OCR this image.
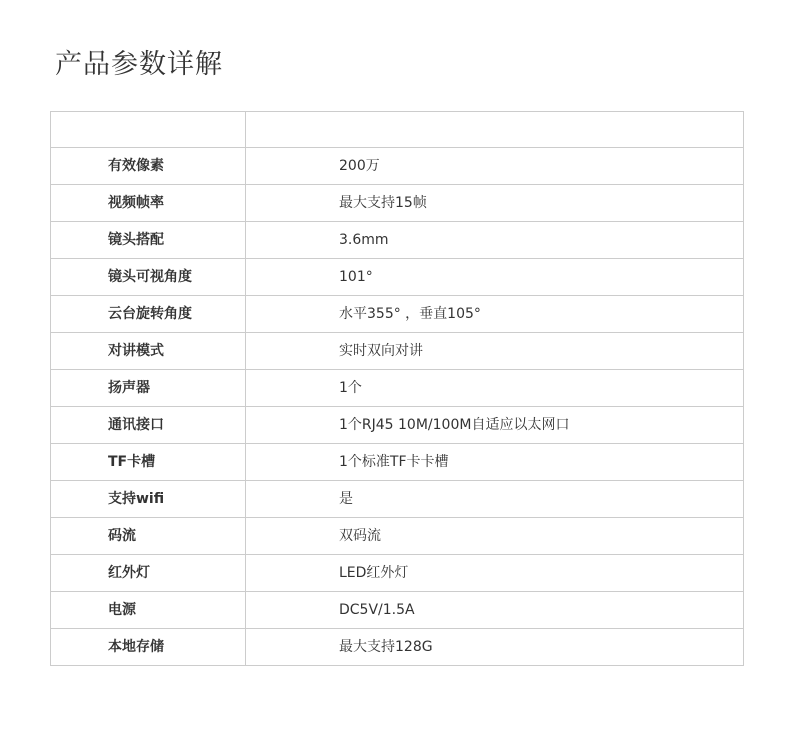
产品参数详解

有效像素	200万
视频帧率	最大支持15帧
镜头搭配	3.6mm
镜头可视角度	101°
云台旋转角度	水平355° ，垂直105°
对讲模式	实时双向对讲
扬声器	1个
通讯接口	1个RJ45 10M/100M自适应以太网口
TF卡槽	1个标准TF卡卡槽
支持wifi	是
码流	双码流
红外灯	LED红外灯
电源	DC5V/1.5A
本地存储	最大支持128G
